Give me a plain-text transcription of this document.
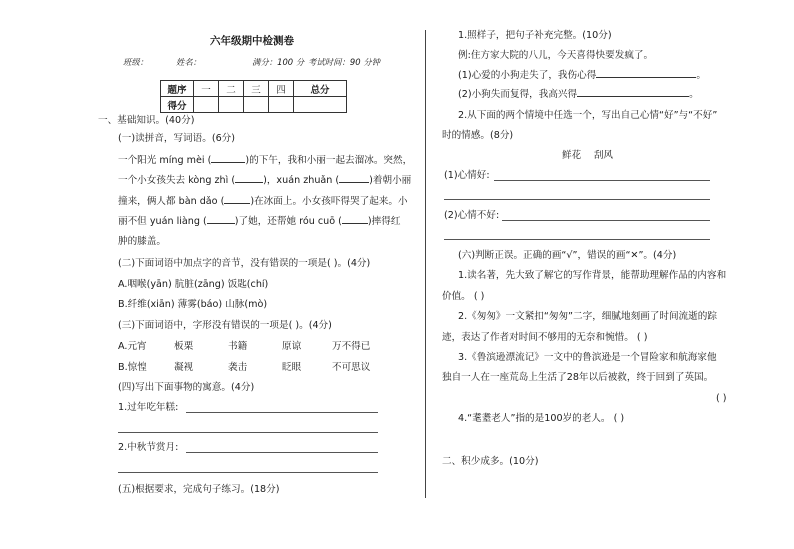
六年级期中检测卷
班级：	姓名：	满分：100 分 考试时间：90 分钟
题序	一	二	三	四	总分
得分					
一、基础知识。(40分)
(一)读拼音，写词语。(6分)
一个阳光 míng mèi (	)的下午，我和小丽一起去溜冰。突然，
一个小女孩失去 kòng zhì (	)，xuán zhuǎn (	)着朝小丽
撞来，俩人都 bàn dǎo (	)在冰面上。小女孩吓得哭了起来。小
丽不但 yuán liàng (	)了她，还帮她 róu cuō (	)摔得红
肿的膝盖。
(二)下面词语中加点字的音节，没有错误的一项是( )。(4分)
A.咽喉(yān) 肮脏(zāng) 饭匙(chí)
B.纤维(xiān) 薄雾(báo) 山脉(mò)
(三)下面词语中，字形没有错误的一项是( )。(4分)
A.元宵	板栗	书籍	原谅	万不得已
B.惊惶	凝视	袭击	眨眼	不可思议
(四)写出下面事物的寓意。(4分)
1.过年吃年糕:
2.中秋节赏月:
(五)根据要求，完成句子练习。(18分)
1.照样子，把句子补充完整。(10分)
例:住方家大院的八儿，今天喜得快要发疯了。
(1)心爱的小狗走失了，我伤心得	。
(2)小狗失而复得，我高兴得	。
2.从下面的两个情境中任选一个，写出自己心情“好”与“不好”
时的情感。(8分)
鲜花　 刮风
(1)心情好:
(2)心情不好:
(六)判断正误。正确的画“√”，错误的画“✕”。(4分)
1.读名著，先大致了解它的写作背景，能帮助理解作品的内容和
价值。 ( )
2.《匆匆》一文紧扣“匆匆”二字，细腻地刻画了时间流逝的踪
迹，表达了作者对时间不够用的无奈和惋惜。 ( )
3.《鲁滨逊漂流记》一文中的鲁滨逊是一个冒险家和航海家他
独自一人在一座荒岛上生活了28年以后被救，终于回到了英国。
( )
4.“耄耋老人”指的是100岁的老人。 ( )
二、积少成多。(10分)
